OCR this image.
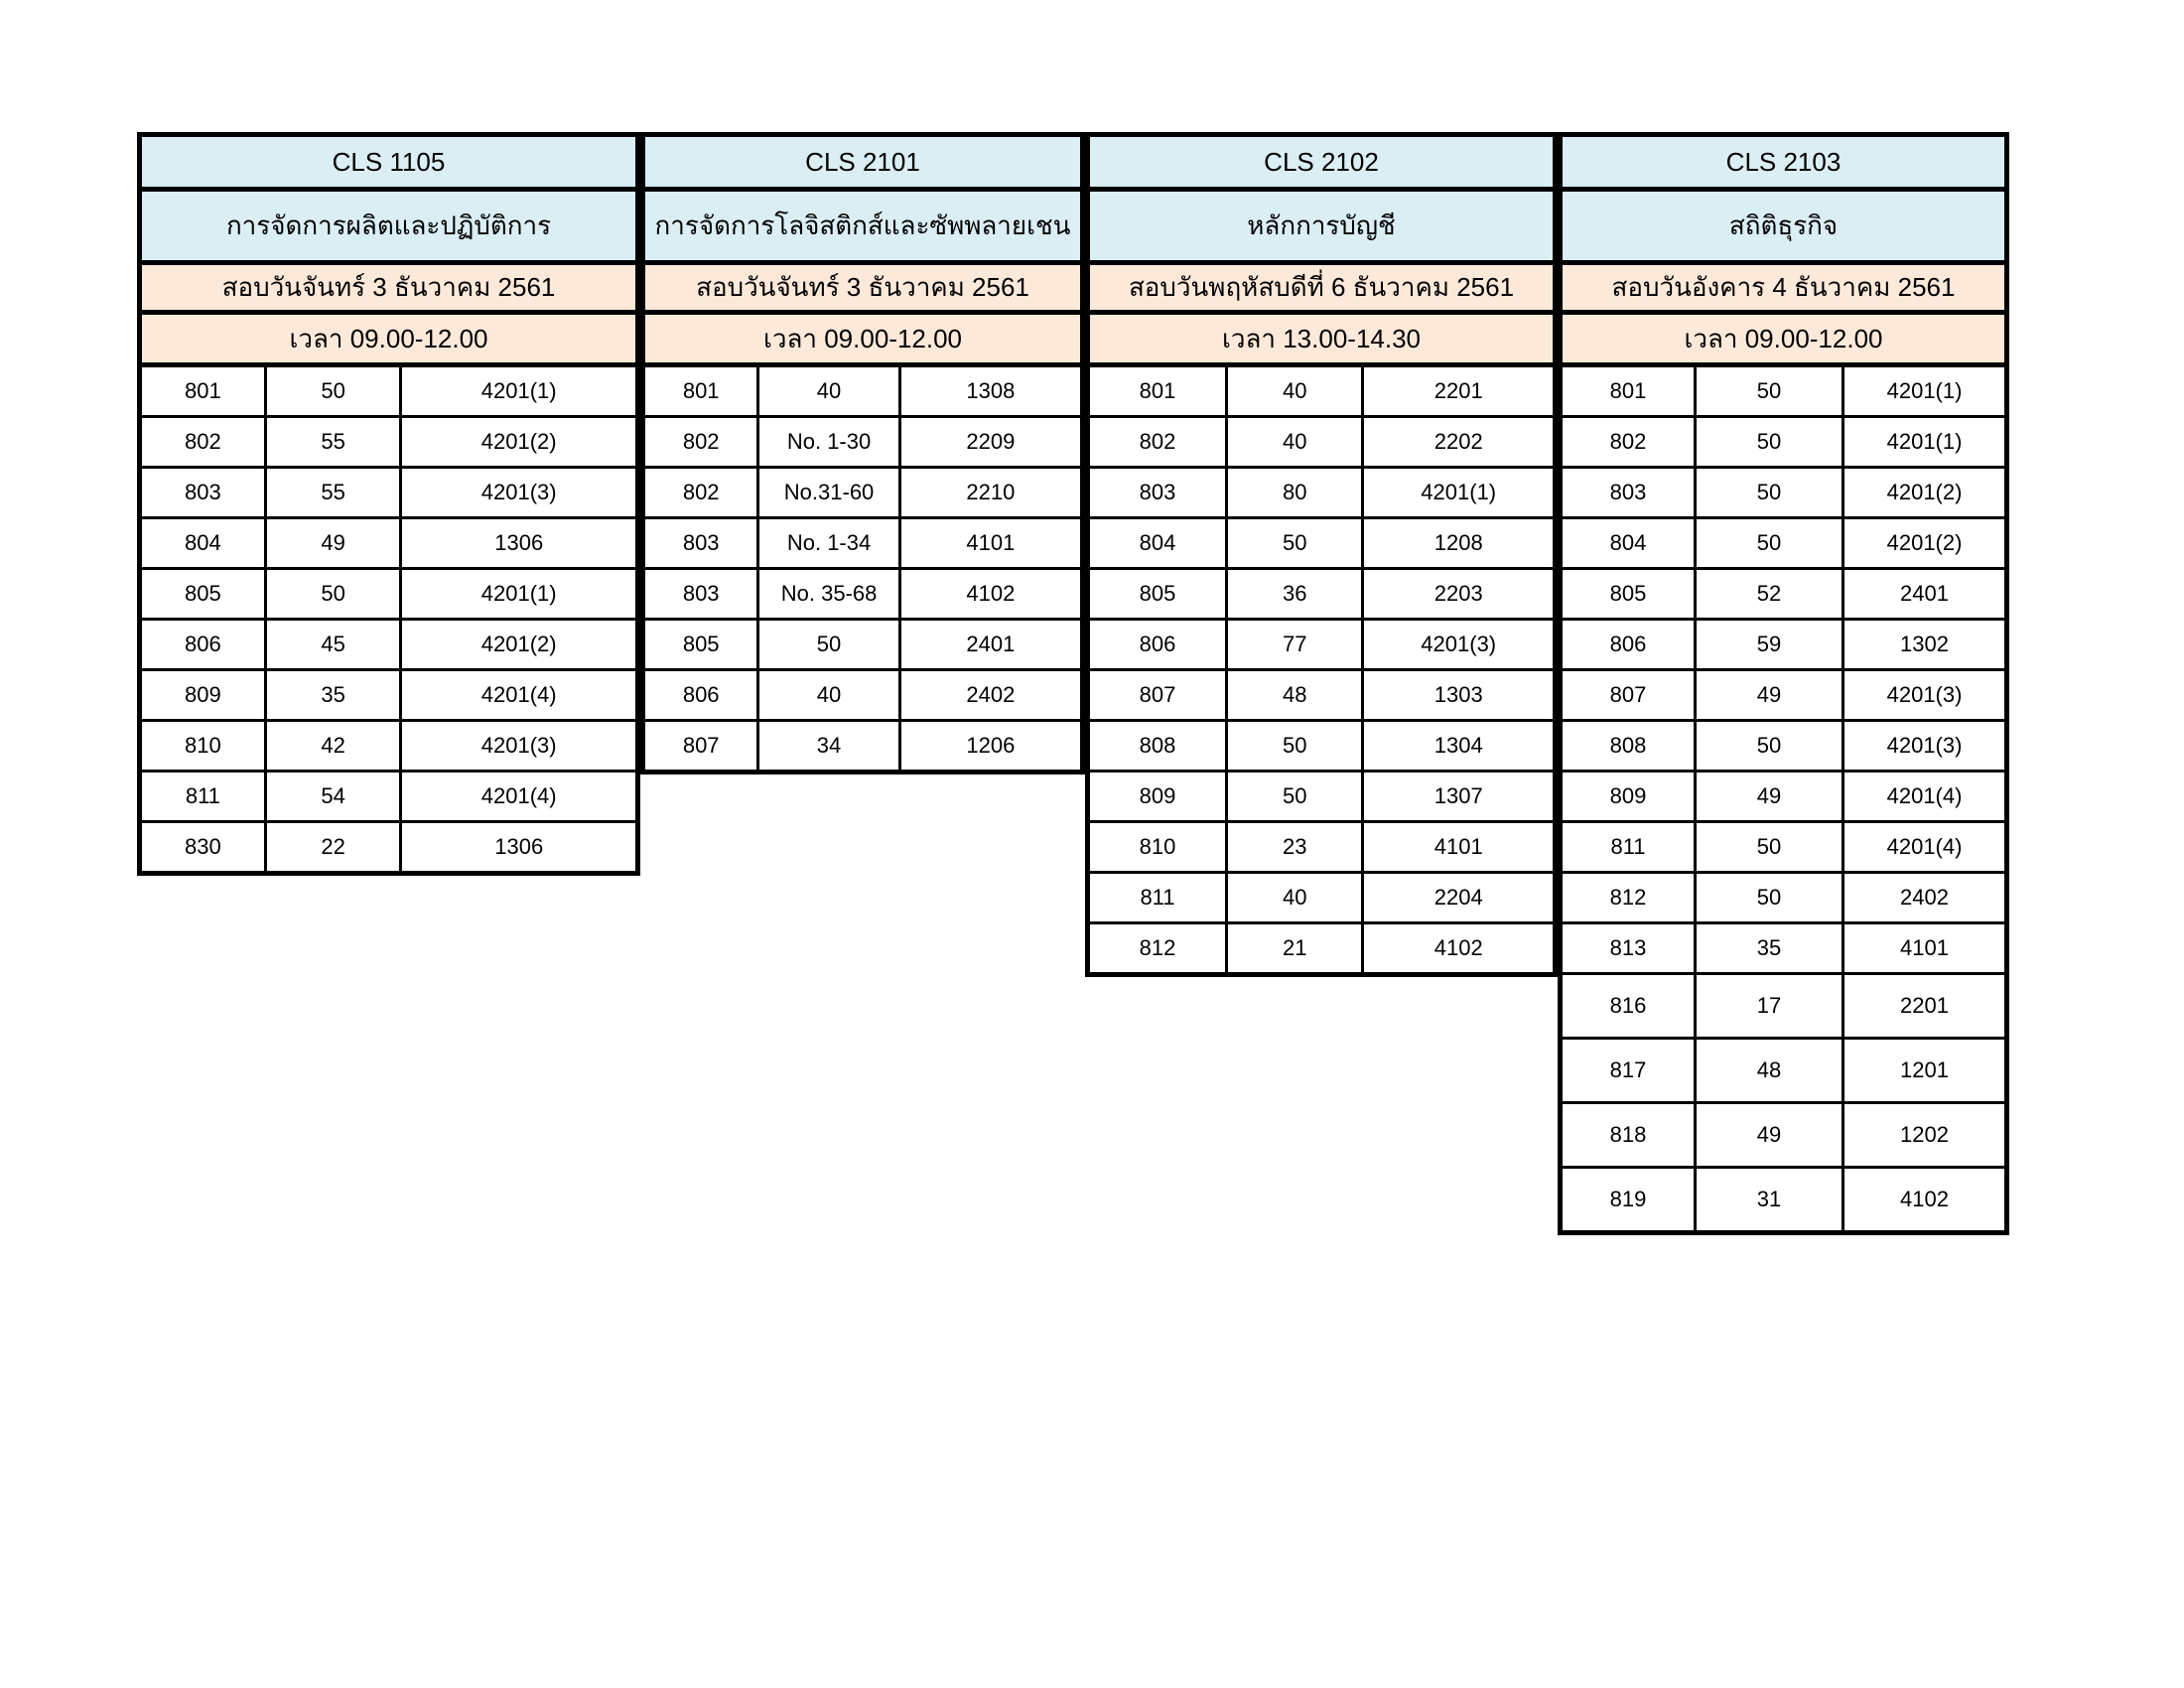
CLS 1105
การจัดการผลิตและปฏิบัติการ
สอบวันจันทร์ 3 ธันวาคม 2561
เวลา 09.00-12.00
801	50	4201(1)
802	55	4201(2)
803	55	4201(3)
804	49	1306
805	50	4201(1)
806	45	4201(2)
809	35	4201(4)
810	42	4201(3)
811	54	4201(4)
830	22	1306
CLS 2101
การจัดการโลจิสติกส์และซัพพลายเชน
สอบวันจันทร์ 3 ธันวาคม 2561
เวลา 09.00-12.00
801	40	1308
802	No. 1-30	2209
802	No.31-60	2210
803	No. 1-34	4101
803	No. 35-68	4102
805	50	2401
806	40	2402
807	34	1206
CLS 2102
หลักการบัญชี
สอบวันพฤหัสบดีที่ 6 ธันวาคม 2561
เวลา 13.00-14.30
801	40	2201
802	40	2202
803	80	4201(1)
804	50	1208
805	36	2203
806	77	4201(3)
807	48	1303
808	50	1304
809	50	1307
810	23	4101
811	40	2204
812	21	4102
CLS 2103
สถิติธุรกิจ
สอบวันอังคาร 4 ธันวาคม 2561
เวลา 09.00-12.00
801	50	4201(1)
802	50	4201(1)
803	50	4201(2)
804	50	4201(2)
805	52	2401
806	59	1302
807	49	4201(3)
808	50	4201(3)
809	49	4201(4)
811	50	4201(4)
812	50	2402
813	35	4101
816	17	2201
817	48	1201
818	49	1202
819	31	4102
